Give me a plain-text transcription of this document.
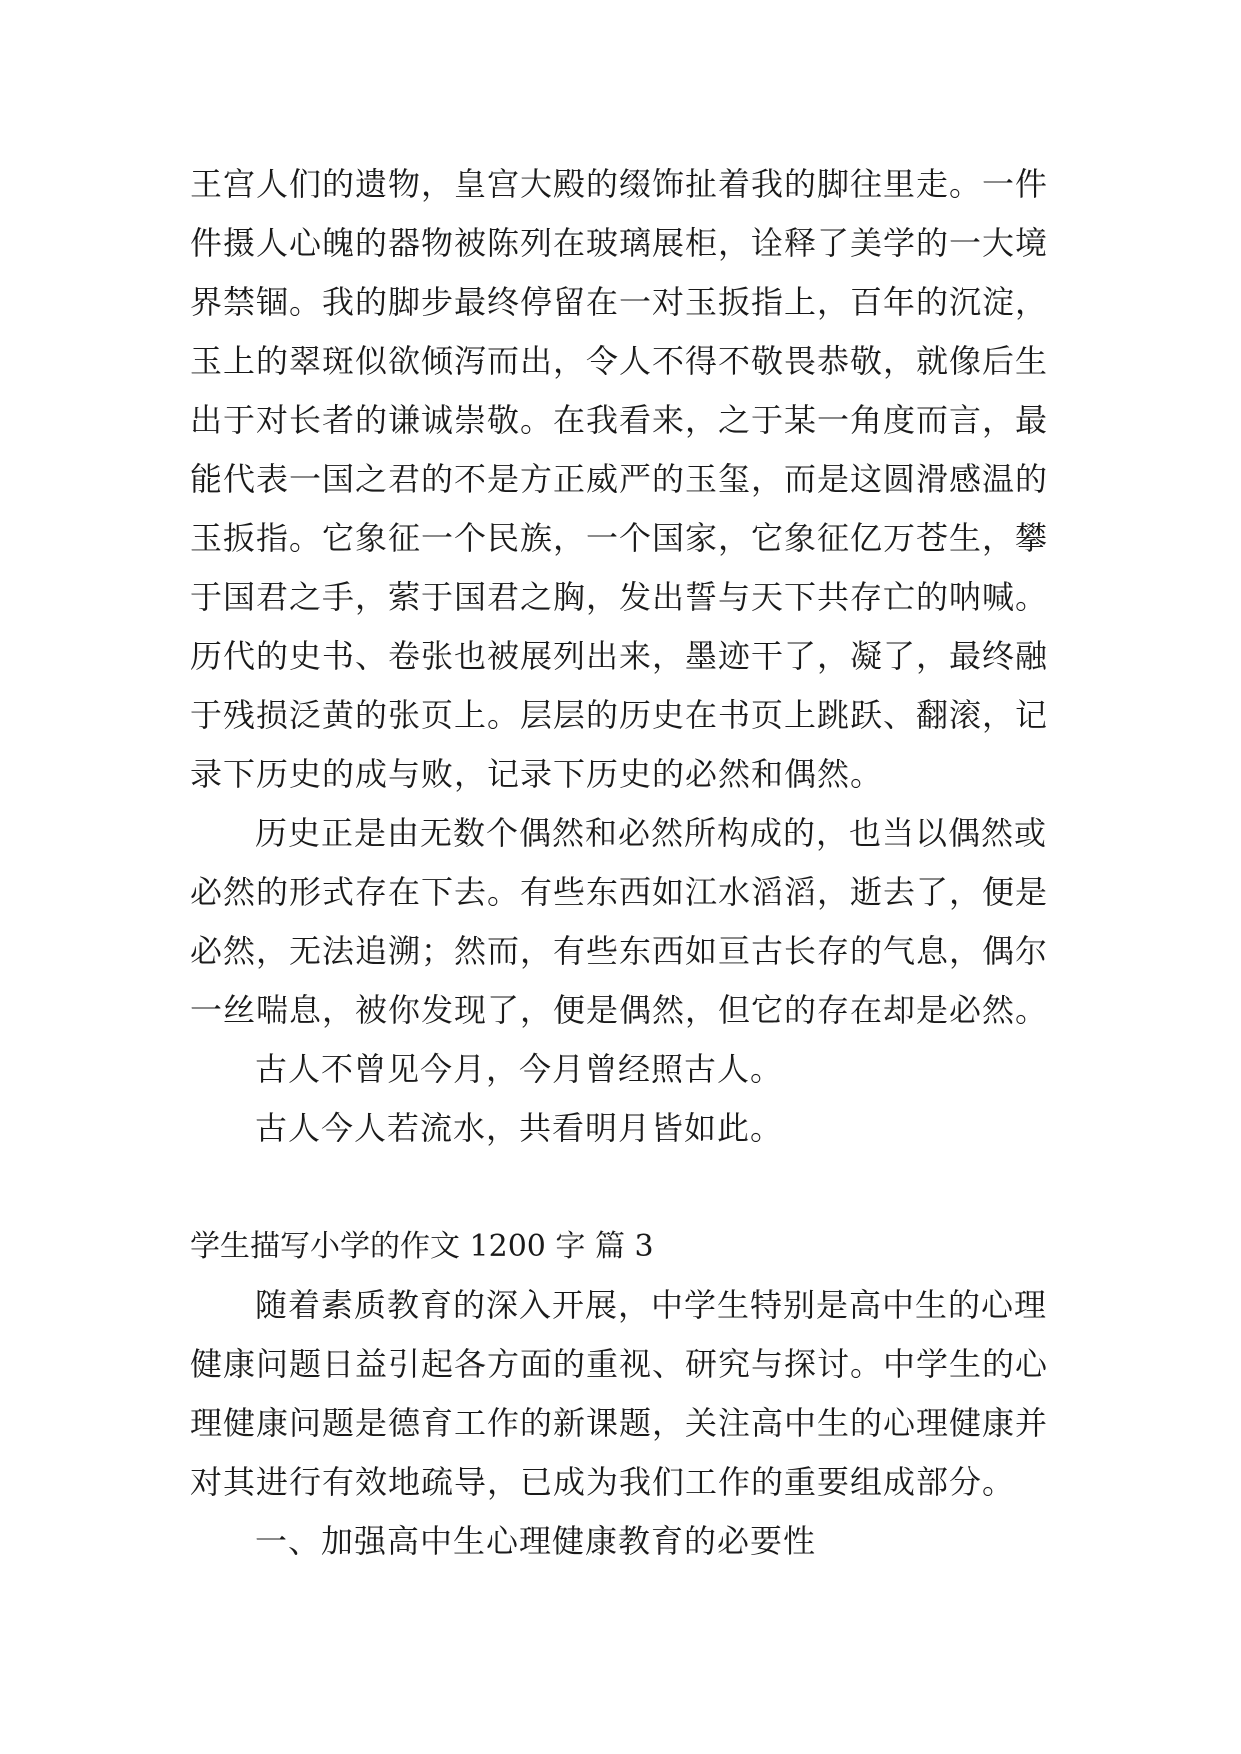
王宫人们的遗物，皇宫大殿的缀饰扯着我的脚往里走。一件
件摄人心魄的器物被陈列在玻璃展柜，诠释了美学的一大境
界禁锢。我的脚步最终停留在一对玉扳指上，百年的沉淀，
玉上的翠斑似欲倾泻而出，令人不得不敬畏恭敬，就像后生
出于对长者的谦诚崇敬。在我看来，之于某一角度而言，最
能代表一国之君的不是方正威严的玉玺，而是这圆滑感温的
玉扳指。它象征一个民族，一个国家，它象征亿万苍生，攀
于国君之手，萦于国君之胸，发出誓与天下共存亡的呐喊。
历代的史书、卷张也被展列出来，墨迹干了，凝了，最终融
于残损泛黄的张页上。层层的历史在书页上跳跃、翻滚，记
录下历史的成与败，记录下历史的必然和偶然。
历史正是由无数个偶然和必然所构成的，也当以偶然或
必然的形式存在下去。有些东西如江水滔滔，逝去了，便是
必然，无法追溯；然而，有些东西如亘古长存的气息，偶尔
一丝喘息，被你发现了，便是偶然，但它的存在却是必然。
古人不曾见今月，今月曾经照古人。
古人今人若流水，共看明月皆如此。
学生描写小学的作文 1200 字 篇 3
随着素质教育的深入开展，中学生特别是高中生的心理
健康问题日益引起各方面的重视、研究与探讨。中学生的心
理健康问题是德育工作的新课题，关注高中生的心理健康并
对其进行有效地疏导，已成为我们工作的重要组成部分。
一、加强高中生心理健康教育的必要性
